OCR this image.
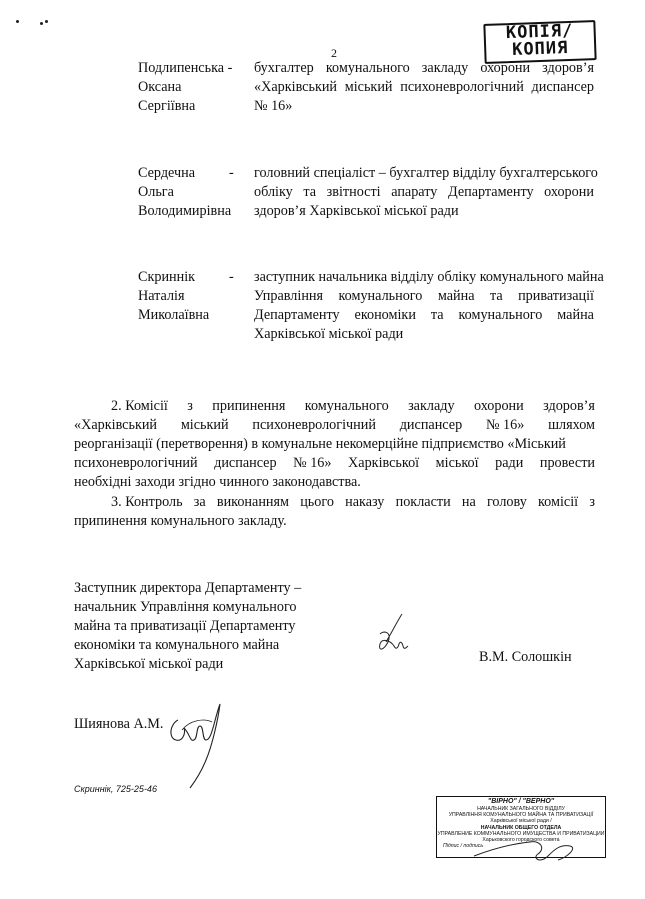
КОПІЯ/
КОПИЯ
2
Подлипенська -
Оксана
Сергіївна
бухгалтер комунального закладу охорони здоров’я
«Харківський міський психоневрологічний диспансер
№ 16»
Сердечна
Ольга
Володимирівна
- головний спеціаліст – бухгалтер відділу бухгалтерського
обліку та звітності апарату Департаменту охорони
здоров’я Харківської міської ради
Скриннік
Наталія
Миколаївна
- заступник начальника відділу обліку комунального майна
Управління комунального майна та приватизації
Департаменту економіки та комунального майна
Харківської міської ради
2. Комісії з припинення комунального закладу охорони здоров’я
«Харківський міський психоневрологічний диспансер № 16» шляхом
реорганізації (перетворення) в комунальне некомерційне підприємство «Міський
психоневрологічний диспансер № 16» Харківської міської ради провести
необхідні заходи згідно чинного законодавства.
3. Контроль за виконанням цього наказу покласти на голову комісії з
припинення комунального закладу.
Заступник директора Департаменту –
начальник Управління комунального
майна та приватизації Департаменту
економіки та комунального майна
Харківської міської ради	В.М. Солошкін
Шиянова А.М.
Скриннік, 725-25-46
"ВІРНО" / "ВЕРНО"
НАЧАЛЬНИК ЗАГАЛЬНОГО ВІДДІЛУ
УПРАВЛІННЯ КОМУНАЛЬНОГО МАЙНА ТА ПРИВАТИЗАЦІЇ
Харківської міської ради /
НАЧАЛЬНИК ОБЩЕГО ОТДЕЛА
УПРАВЛЕНИЕ КОММУНАЛЬНОГО ИМУЩЕСТВА И ПРИВАТИЗАЦИИ
Харьковского городского совета
Підпис / подпись
